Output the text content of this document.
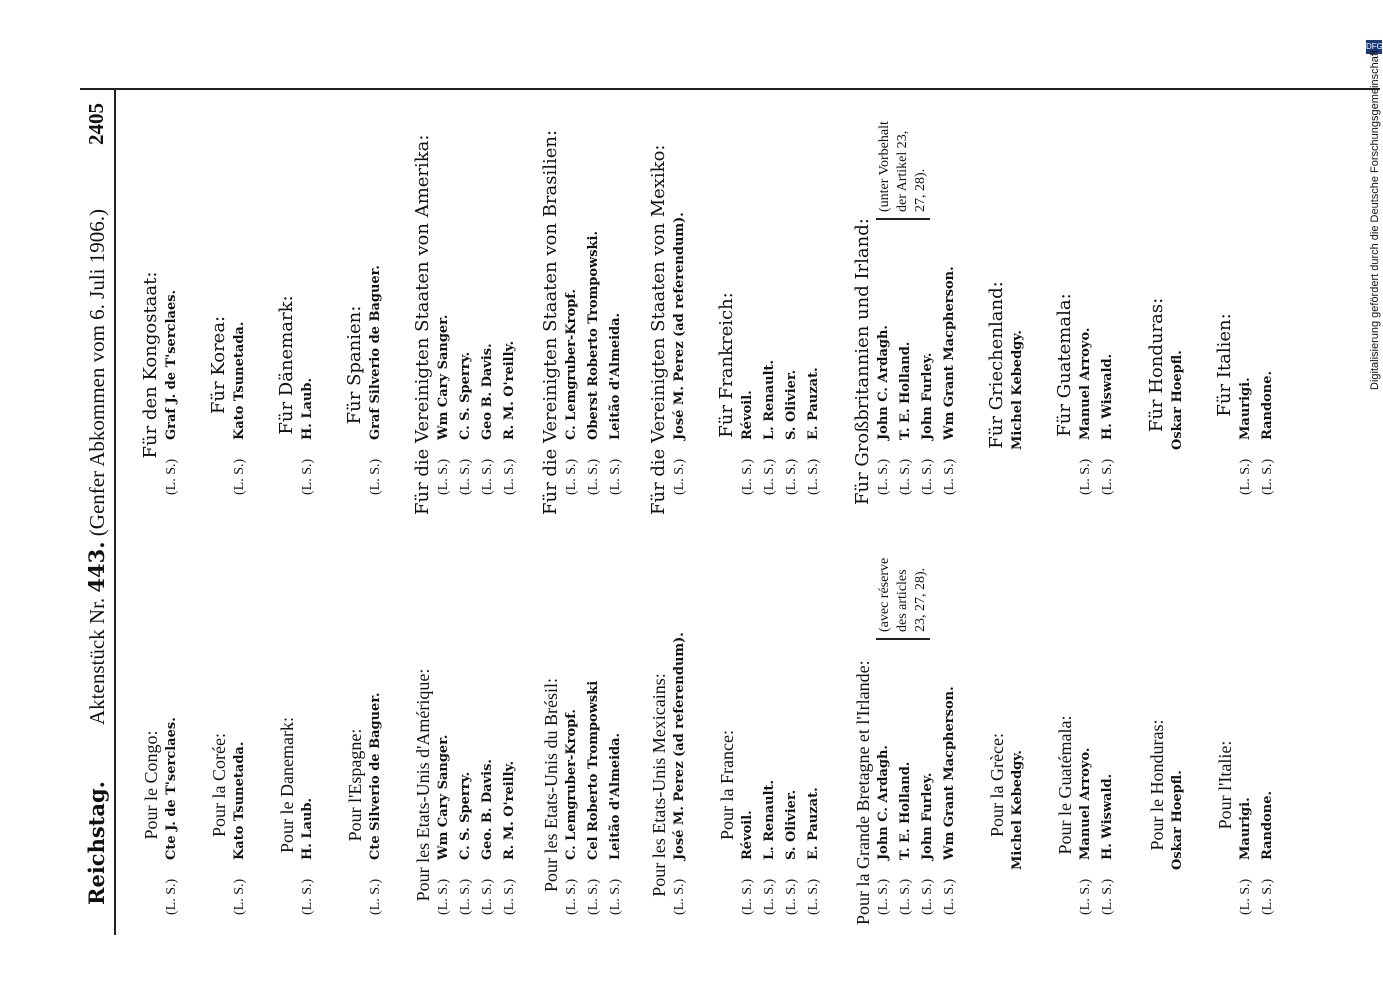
Reichstag.
Aktenstück Nr. 443. (Genfer Abkommen vom 6. Juli 1906.)
2405
Pour le Congo:
(L. S.)
Cte J. de T'serclaes. Pour la Corée:
(L. S.)
Kato Tsunetada. Pour le Danemark:
(L. S.)
H. Laub. Pour l'Espagne:
(L. S.)
Cte Silverio de Baguer. Pour les Etats-Unis d'Amérique: (L. S.)
Wm Cary Sanger.
(L. S.)
C. S. Sperry.
(L. S.)
Geo. B. Davis.
(L. S.)
R. M. O'reilly. Pour les Etats-Unis du Brésil:
(L. S.)
C. Lemgruber-Kropf.
(L. S.)
Cel Roberto Trompowski
(L. S.)
Leitão d'Almeida. Pour les Etats-Unis Mexicains:
(L. S.)
José M. Perez (ad referendum). Pour la France:
(L. S.)
Révoil.
(L. S.)
L. Renault.
(L. S.)
S. Olivier.
(L. S.)
E. Pauzat. Pour la Grande Bretagne et l'Irlande: (L. S.)
John C. Ardagh.
(L. S.)
T. E. Holland.
(L. S.)
John Furley.
(L. S.)
Wm Grant Macpherson.
(avec réserve des articles 23, 27, 28).
Pour la Grèce: Michel Kebedgy. Pour le Guatémala:
(L. S.)
Manuel Arroyo.
(L. S.)
H. Wiswald. Pour le Honduras: Oskar Hoepfl. Pour l'Italie:
(L. S.)
Maurigi.
(L. S.)
Randone.
Für den Kongostaat:
(L. S.)
Graf J. de T'serclaes. Für Korea:
(L. S.)
Kato Tsunetada. Für Dänemark:
(L. S.)
H. Laub. Für Spanien:
(L. S.)
Graf Silverio de Baguer. Für die Vereinigten Staaten von Amerika: (L. S.)
Wm Cary Sanger.
(L. S.)
C. S. Sperry.
(L. S.)
Geo B. Davis.
(L. S.)
R. M. O'reilly. Für die Vereinigten Staaten von Brasilien: (L. S.)
C. Lemgruber-Kropf.
(L. S.)
Oberst Roberto Trompowski.
(L. S.)
Leitão d'Almeida. Für die Vereinigten Staaten von Mexiko: (L. S.)
José M. Perez (ad referendum). Für Frankreich:
(L. S.)
Révoil.
(L. S.)
L. Renault.
(L. S.)
S. Olivier.
(L. S.)
E. Pauzat. Für Großbritannien und Irland: (L. S.)
John C. Ardagh.
(L. S.)
T. E. Holland.
(L. S.)
John Furley.
(L. S.)
Wm Grant Macpherson.
(unter Vorbehalt der Artikel 23, 27, 28).
Für Griechenland: Michel Kebedgy. Für Guatemala:
(L. S.)
Manuel Arroyo.
(L. S.)
H. Wiswald. Für Honduras: Oskar Hoepfl. Für Italien:
(L. S.)
Maurigi.
(L. S.)
Randone.
DFG
Digitalisierung gefördert durch die Deutsche Forschungsgemeinschaft
